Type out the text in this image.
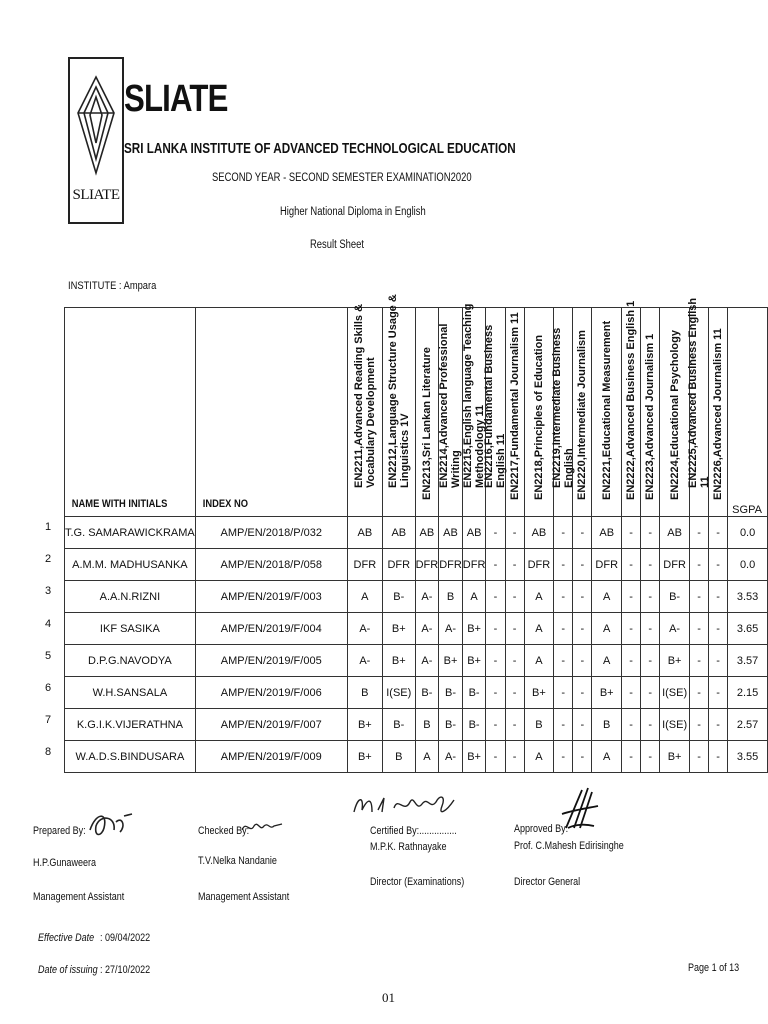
SLIATE
SLIATE
SRI LANKA INSTITUTE OF ADVANCED TECHNOLOGICAL EDUCATION
SECOND YEAR - SECOND SEMESTER EXAMINATION2020
Higher National Diploma in English
Result Sheet
INSTITUTE : Ampara
NAME WITH INITIALS	INDEX NO	EN2211,Advanced Reading Skills & Vocabulary Development	EN2212,Language Structure Usage & Linguistics 1V	EN2213,Sri Lankan Literature	EN2214,Advanced Professional Writing	EN2215,English language Teaching Methodology 11	EN2216,Fundamental Business English 11	EN2217,Fundamental Journalism 11	EN2218,Principles of Education	EN2219,Intermediate Business English	EN2220,Intermediate Journalism	EN2221,Educational Measurement	EN2222,Advanced Business English 1	EN2223,Advanced Journalism 1	EN2224,Educational Psychology	EN2225,Advanced Business English 11	EN2226,Advanced Journalism 11	SGPA

T.G. SAMARAWICKRAMA	AMP/EN/2018/P/032	AB	AB	AB	AB	AB	-	-	AB	-	-	AB	-	-	AB	-	-	0.0
A.M.M. MADHUSANKA	AMP/EN/2018/P/058	DFR	DFR	DFR	DFR	DFR	-	-	DFR	-	-	DFR	-	-	DFR	-	-	0.0
A.A.N.RIZNI	AMP/EN/2019/F/003	A	B-	A-	B	A	-	-	A	-	-	A	-	-	B-	-	-	3.53
IKF SASIKA	AMP/EN/2019/F/004	A-	B+	A-	A-	B+	-	-	A	-	-	A	-	-	A-	-	-	3.65
D.P.G.NAVODYA	AMP/EN/2019/F/005	A-	B+	A-	B+	B+	-	-	A	-	-	A	-	-	B+	-	-	3.57
W.H.SANSALA	AMP/EN/2019/F/006	B	I(SE)	B-	B-	B-	-	-	B+	-	-	B+	-	-	I(SE)	-	-	2.15
K.G.I.K.VIJERATHNA	AMP/EN/2019/F/007	B+	B-	B	B-	B-	-	-	B	-	-	B	-	-	I(SE)	-	-	2.57
W.A.D.S.BINDUSARA	AMP/EN/2019/F/009	B+	B	A	A-	B+	-	-	A	-	-	A	-	-	B+	-	-	3.55
1
2
3
4
5
6
7
8
Prepared By:
H.P.Gunaweera
Management Assistant
Checked By:
T.V.Nelka Nandanie
Management Assistant
Certified By:...............
M.P.K. Rathnayake
Director (Examinations)
Approved By:
Prof. C.Mahesh Edirisinghe
Director General
Effective Date : 09/04/2022
Date of issuing : 27/10/2022	Page 1 of 13
01
